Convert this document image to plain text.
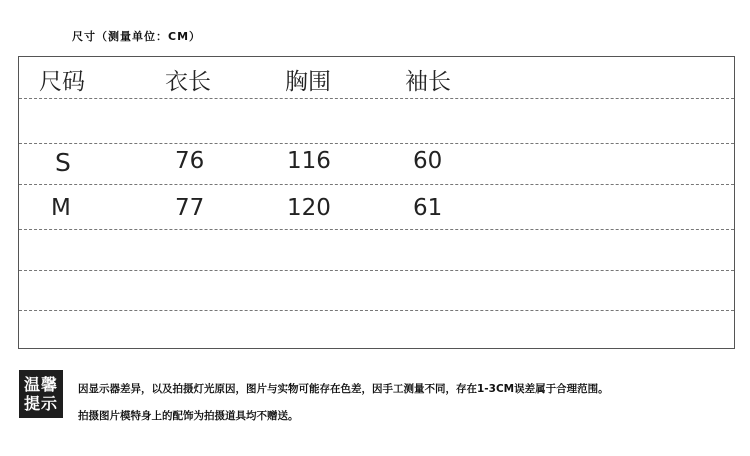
尺寸（测量单位：CM）
尺码	衣长	胸围	袖长
S	76	116	60
M	77	120	61
温馨
提示
因显示器差异，以及拍摄灯光原因，图片与实物可能存在色差，因手工测量不同，存在1-3CM误差属于合理范围。
拍摄图片模特身上的配饰为拍摄道具均不赠送。
